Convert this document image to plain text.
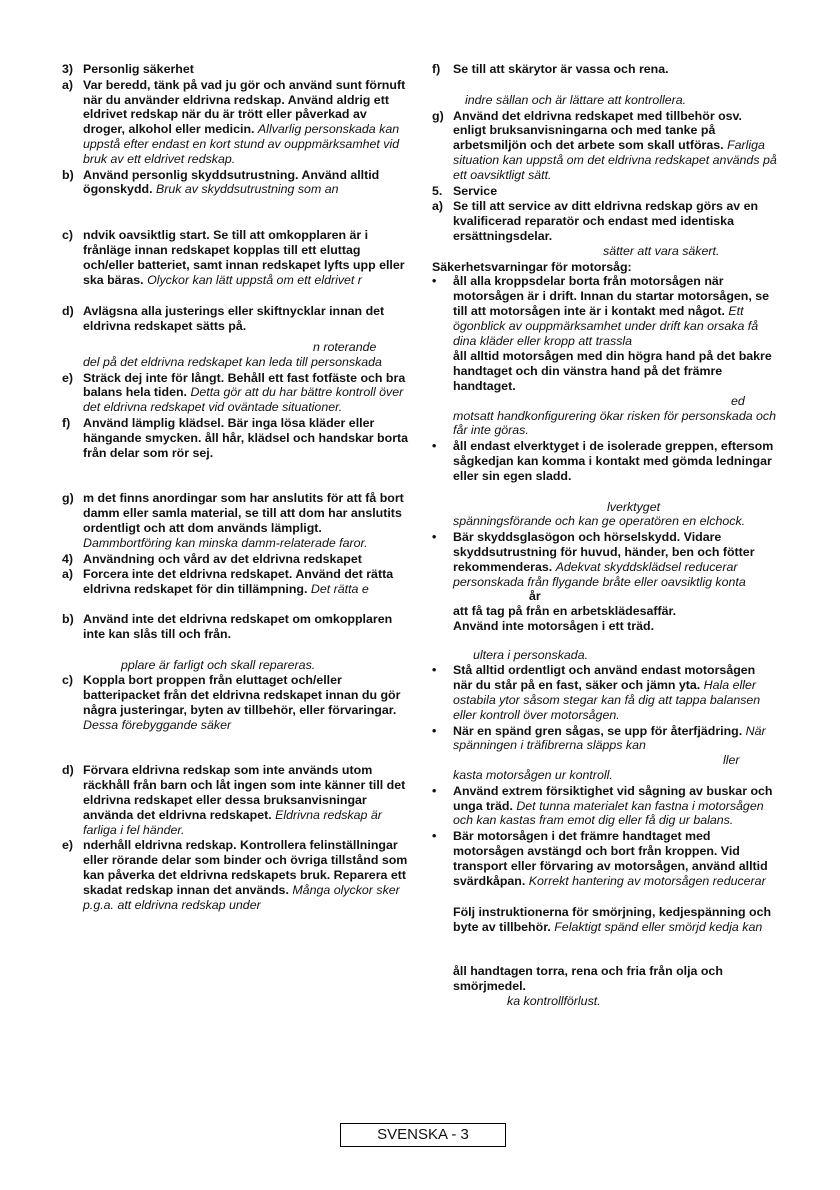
3) Personlig säkerhet
a) Var beredd, tänk på vad ju gör och använd sunt förnuft när du använder eldrivna redskap. Använd aldrig ett eldrivet redskap när du är trött eller påverkad av droger, alkohol eller medicin. Allvarlig personskada kan uppstå efter endast en kort stund av ouppmärksamhet vid bruk av ett eldrivet redskap.
b) Använd personlig skyddsutrustning. Använd alltid ögonskydd. Bruk av skyddsutrustning som an
c) ndvik oavsiktlig start. Se till att omkopplaren är i frånläge innan redskapet kopplas till ett eluttag och/eller batteriet, samt innan redskapet lyfts upp eller ska bäras. Olyckor kan lätt uppstå om ett eldrivet r
d) Avlägsna alla justerings eller skiftnycklar innan det eldrivna redskapet sätts på.
n roterande
del på det eldrivna redskapet kan leda till personskada
e) Sträck dej inte för långt. Behåll ett fast fotfäste och bra balans hela tiden. Detta gör att du har bättre kontroll över det eldrivna redskapet vid oväntade situationer.
f) Använd lämplig klädsel. Bär inga lösa kläder eller hängande smycken. åll hår, klädsel och handskar borta från delar som rör sej.
g) m det finns anordingar som har anslutits för att få bort damm eller samla material, se till att dom har anslutits ordentligt och att dom används lämpligt. Dammbortföring kan minska damm-relaterade faror.
4) Användning och vård av det eldrivna redskapet
a) Forcera inte det eldrivna redskapet. Använd det rätta eldrivna redskapet för din tillämpning. Det rätta e
b) Använd inte det eldrivna redskapet om omkopplaren inte kan slås till och från.
pplare är farligt och skall repareras.
c) Koppla bort proppen från eluttaget och/eller batteripacket från det eldrivna redskapet innan du gör några justeringar, byten av tillbehör, eller förvaringar. Dessa förebyggande säker
d) Förvara eldrivna redskap som inte används utom räckhåll från barn och låt ingen som inte känner till det eldrivna redskapet eller dessa bruksanvisningar använda det eldrivna redskapet. Eldrivna redskap är farliga i fel händer.
e) nderhåll eldrivna redskap. Kontrollera felinställningar eller rörande delar som binder och övriga tillstånd som kan påverka det eldrivna redskapets bruk. Reparera ett skadat redskap innan det används. Många olyckor sker p.g.a. att eldrivna redskap under
f) Se till att skärytor är vassa och rena.
indre sällan och är lättare att kontrollera.
g) Använd det eldrivna redskapet med tillbehör osv. enligt bruksanvisningarna och med tanke på arbetsmiljön och det arbete som skall utföras. Farliga situation kan uppstå om det eldrivna redskapet används på ett oavsiktligt sätt.
5. Service
a) Se till att service av ditt eldrivna redskap görs av en kvalificerad reparatör och endast med identiska ersättningsdelar.
sätter att vara säkert.
Säkerhetsvarningar för motorsåg:
• åll alla kroppsdelar borta från motorsågen när motorsågen är i drift. Innan du startar motorsågen, se till att motorsågen inte är i kontakt med något. Ett ögonblick av ouppmärksamhet under drift kan orsaka få dina kläder eller kropp att trassla
åll alltid motorsågen med din högra hand på det bakre handtaget och din vänstra hand på det främre handtaget.
ed
motsatt handkonfigurering ökar risken för personskada och får inte göras.
• åll endast elverktyget i de isolerade greppen, eftersom sågkedjan kan komma i kontakt med gömda ledningar eller sin egen sladd.
lverktyget
spänningsförande och kan ge operatören en elchock.
• Bär skyddsglasögon och hörselskydd. Vidare skyddsutrustning för huvud, händer, ben och fötter rekommenderas. Adekvat skyddsklädsel reducerar personskada från flygande bråte eller oavsiktlig konta år
att få tag på från en arbetsklädesaffär.
Använd inte motorsågen i ett träd.
ultera i personskada.
• Stå alltid ordentligt och använd endast motorsågen när du står på en fast, säker och jämn yta. Hala eller ostabila ytor såsom stegar kan få dig att tappa balansen eller kontroll över motorsågen.
• När en spänd gren sågas, se upp för återfjädring. När spänningen i träfibrerna släpps kan
ller
kasta motorsågen ur kontroll.
• Använd extrem försiktighet vid sågning av buskar och unga träd. Det tunna materialet kan fastna i motorsågen och kan kastas fram emot dig eller få dig ur balans.
• Bär motorsågen i det främre handtaget med motorsågen avstängd och bort från kroppen. Vid transport eller förvaring av motorsågen, använd alltid svärdkåpan. Korrekt hantering av motorsågen reducerar
Följ instruktionerna för smörjning, kedjespänning och byte av tillbehör. Felaktigt spänd eller smörjd kedja kan
åll handtagen torra, rena och fria från olja och smörjmedel.
ka kontrollförlust.
SVENSKA - 3
